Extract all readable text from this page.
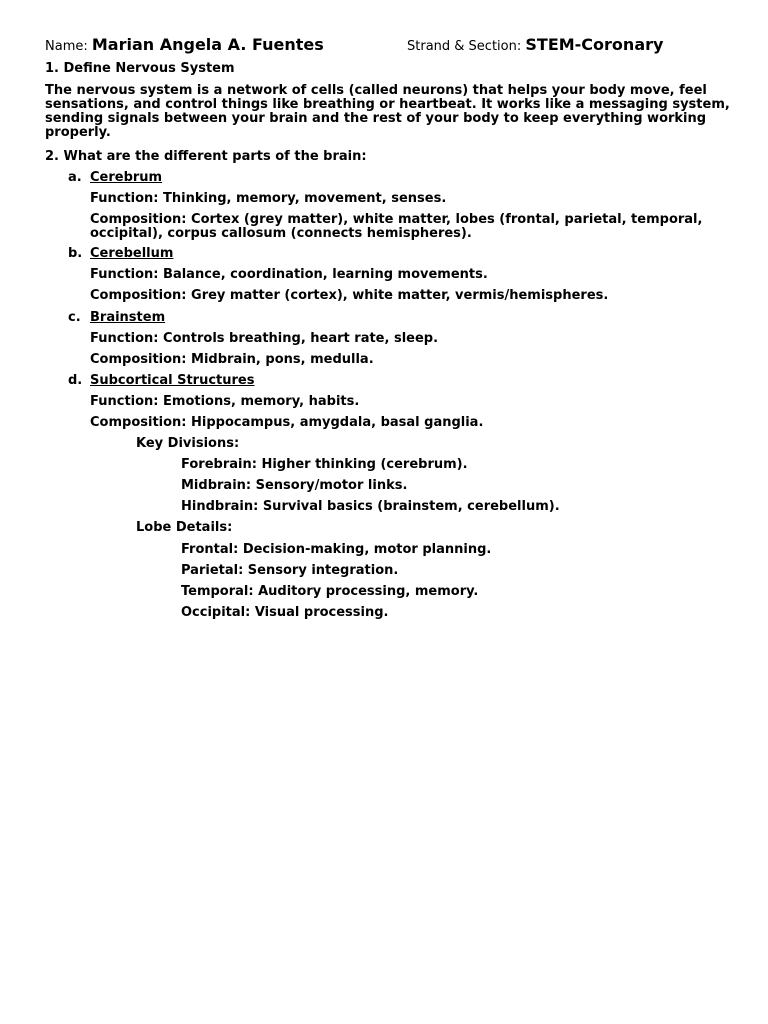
Name: Marian Angela A. Fuentes	Strand & Section: STEM-Coronary
1. Define Nervous System
The nervous system is a network of cells (called neurons) that helps your body move, feel sensations, and control things like breathing or heartbeat. It works like a messaging system, sending signals between your brain and the rest of your body to keep everything working properly.
2. What are the different parts of the brain:
a. Cerebrum
Function: Thinking, memory, movement, senses.
Composition: Cortex (grey matter), white matter, lobes (frontal, parietal, temporal, occipital), corpus callosum (connects hemispheres).
b. Cerebellum
Function: Balance, coordination, learning movements.
Composition: Grey matter (cortex), white matter, vermis/hemispheres.
c. Brainstem
Function: Controls breathing, heart rate, sleep.
Composition: Midbrain, pons, medulla.
d. Subcortical Structures
Function: Emotions, memory, habits.
Composition: Hippocampus, amygdala, basal ganglia.
Key Divisions:
Forebrain: Higher thinking (cerebrum).
Midbrain: Sensory/motor links.
Hindbrain: Survival basics (brainstem, cerebellum).
Lobe Details:
Frontal: Decision-making, motor planning.
Parietal: Sensory integration.
Temporal: Auditory processing, memory.
Occipital: Visual processing.
